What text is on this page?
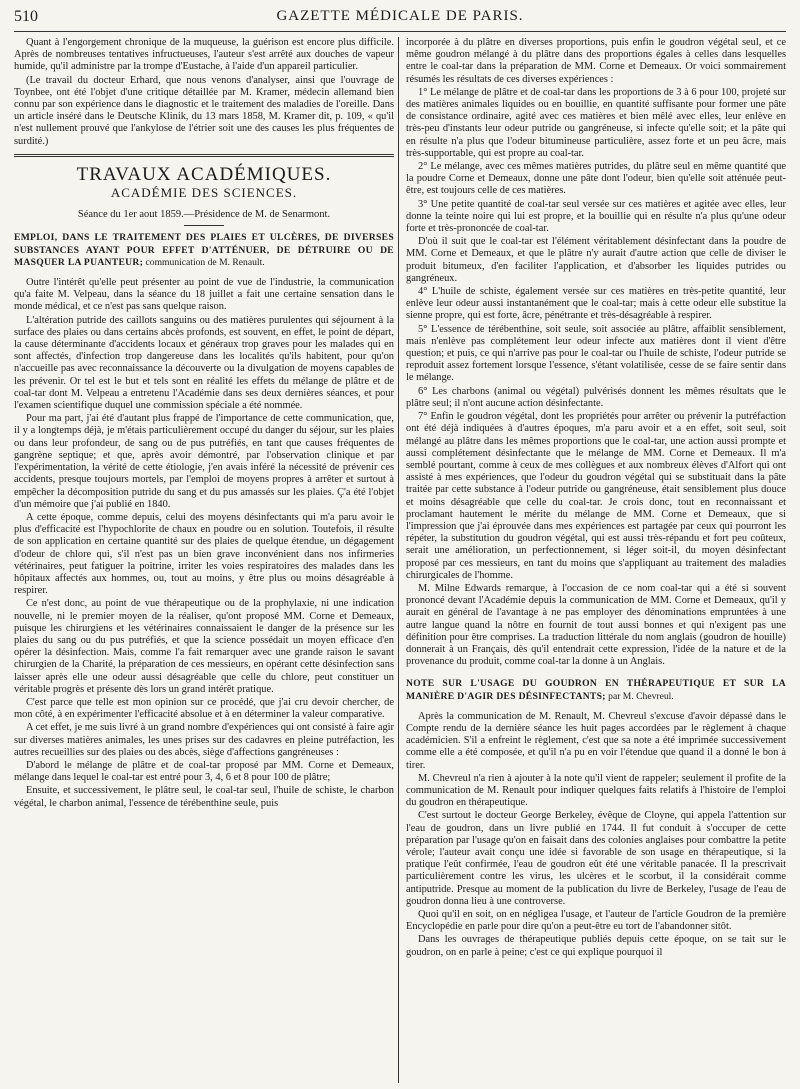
510	GAZETTE MÉDICALE DE PARIS.

Quant à l'engorgement chronique de la muqueuse, la guérison est encore plus difficile. Après de nombreuses tentatives infructueuses, l'auteur s'est arrêté aux douches de vapeur humide, qu'il administre par la trompe d'Eustache, à l'aide d'un appareil particulier.

(Le travail du docteur Erhard, que nous venons d'analyser, ainsi que l'ouvrage de Toynbee, ont été l'objet d'une critique détaillée par M. Kramer, médecin allemand bien connu par son expérience dans le diagnostic et le traitement des maladies de l'oreille. Dans un article inséré dans le Deutsche Klinik, du 13 mars 1858, M. Kramer dit, p. 109, « qu'il n'est nullement prouvé que l'ankylose de l'étrier soit une des causes les plus fréquentes de surdité.)

TRAVAUX ACADÉMIQUES.
ACADÉMIE DES SCIENCES.
Séance du 1er aout 1859.—Présidence de M. de Senarmont.
EMPLOI, DANS LE TRAITEMENT DES PLAIES ET ULCÈRES, DE DIVERSES SUBSTANCES AYANT POUR EFFET D'ATTÉNUER, DE DÉTRUIRE OU DE MASQUER LA PUANTEUR; communication de M. Renault.

Outre l'intérêt qu'elle peut présenter au point de vue de l'industrie, la communication qu'a faite M. Velpeau, dans la séance du 18 juillet a fait une certaine sensation dans le monde médical, et ce n'est pas sans quelque raison.

L'altération putride des caillots sanguins ou des matières purulentes qui séjournent à la surface des plaies ou dans certains abcès profonds, est souvent, en effet, le point de départ, la cause déterminante d'accidents locaux et généraux trop graves pour les malades qui en sont affectés, d'infection trop dangereuse dans les localités qu'ils habitent, pour qu'on n'accueille pas avec reconnaissance la découverte ou la divulgation de moyens capables de les prévenir. Or tel est le but et tels sont en réalité les effets du mélange de plâtre et de coal-tar dont M. Velpeau a entretenu l'Académie dans ses deux dernières séances, et pour l'examen scientifique duquel une commission spéciale a été nommée.

Pour ma part, j'ai été d'autant plus frappé de l'importance de cette communication, que, il y a longtemps déjà, je m'étais particulièrement occupé du danger du séjour, sur les plaies ou dans leur profondeur, de sang ou de pus putréfiés, en tant que causes fréquentes de gangrène septique; et que, après avoir démontré, par l'observation clinique et par l'expérimentation, la vérité de cette étiologie, j'en avais inféré la nécessité de prévenir ces accidents, presque toujours mortels, par l'emploi de moyens propres à arrêter et surtout à empêcher la décomposition putride du sang et du pus amassés sur les plaies. Ç'a été l'objet d'un mémoire que j'ai publié en 1840.

A cette époque, comme depuis, celui des moyens désinfectants qui m'a paru avoir le plus d'efficacité est l'hypochlorite de chaux en poudre ou en solution. Toutefois, il résulte de son application en certaine quantité sur des plaies de quelque étendue, un dégagement d'odeur de chlore qui, s'il n'est pas un bien grave inconvénient dans nos infirmeries vétérinaires, peut fatiguer la poitrine, irriter les voies respiratoires des malades dans les hôpitaux affectés aux hommes, ou, tout au moins, y être plus ou moins désagréable à respirer.

Ce n'est donc, au point de vue thérapeutique ou de la prophylaxie, ni une indication nouvelle, ni le premier moyen de la réaliser, qu'ont proposé MM. Corne et Demeaux, puisque les chirurgiens et les vétérinaires connaissaient le danger de la présence sur les plaies du sang ou du pus putréfiés, et que la science possédait un moyen efficace d'en opérer la désinfection. Mais, comme l'a fait remarquer avec une grande raison le savant chirurgien de la Charité, la préparation de ces messieurs, en opérant cette désinfection sans laisser après elle une odeur aussi désagréable que celle du chlore, peut constituer un véritable progrès et présente dès lors un grand intérêt pratique.

C'est parce que telle est mon opinion sur ce procédé, que j'ai cru devoir chercher, de mon côté, à en expérimenter l'efficacité absolue et à en déterminer la valeur comparative.

A cet effet, je me suis livré à un grand nombre d'expériences qui ont consisté à faire agir sur diverses matières animales, les unes prises sur des cadavres en pleine putréfaction, les autres recueillies sur des plaies ou des abcès, siège d'affections gangréneuses :

D'abord le mélange de plâtre et de coal-tar proposé par MM. Corne et Demeaux, mélange dans lequel le coal-tar est entré pour 3, 4, 6 et 8 pour 100 de plâtre;

Ensuite, et successivement, le plâtre seul, le coal-tar seul, l'huile de schiste, le charbon végétal, le charbon animal, l'essence de térébenthine seule, puis

incorporée à du plâtre en diverses proportions, puis enfin le goudron végétal seul, et ce même goudron mélangé à du plâtre dans des proportions égales à celles dans lesquelles entre le coal-tar dans la préparation de MM. Corne et Demeaux. Or voici sommairement résumés les résultats de ces diverses expériences :

1° Le mélange de plâtre et de coal-tar dans les proportions de 3 à 6 pour 100, projeté sur des matières animales liquides ou en bouillie, en quantité suffisante pour former une pâte de consistance ordinaire, agité avec ces matières et bien mêlé avec elles, leur enlève en très-peu d'instants leur odeur putride ou gangréneuse, si infecte qu'elle soit; et la pâte qui en résulte n'a plus que l'odeur bitumineuse particulière, assez forte et un peu âcre, mais très-supportable, qui est propre au coal-tar.

2° Le mélange, avec ces mêmes matières putrides, du plâtre seul en même quantité que la poudre Corne et Demeaux, donne une pâte dont l'odeur, bien qu'elle soit atténuée peut-être, est toujours celle de ces matières.

3° Une petite quantité de coal-tar seul versée sur ces matières et agitée avec elles, leur donne la teinte noire qui lui est propre, et la bouillie qui en résulte n'a plus qu'une odeur forte et très-prononcée de coal-tar.

D'où il suit que le coal-tar est l'élément véritablement désinfectant dans la poudre de MM. Corne et Demeaux, et que le plâtre n'y aurait d'autre action que celle de diviser le produit bitumeux, d'en faciliter l'application, et d'absorber les liquides putrides ou gangréneux.

4° L'huile de schiste, également versée sur ces matières en très-petite quantité, leur enlève leur odeur aussi instantanément que le coal-tar; mais à cette odeur elle substitue la sienne propre, qui est forte, âcre, pénétrante et très-désagréable à respirer.

5° L'essence de térébenthine, soit seule, soit associée au plâtre, affaiblit sensiblement, mais n'enlève pas complétement leur odeur infecte aux matières dont il vient d'être question; et puis, ce qui n'arrive pas pour le coal-tar ou l'huile de schiste, l'odeur putride se reproduit assez fortement lorsque l'essence, s'étant volatilisée, cesse de se faire sentir dans le mélange.

6° Les charbons (animal ou végétal) pulvérisés donnent les mêmes résultats que le plâtre seul; il n'ont aucune action désinfectante.

7° Enfin le goudron végétal, dont les propriétés pour arrêter ou prévenir la putréfaction ont été déjà indiquées à d'autres époques, m'a paru avoir et a en effet, soit seul, soit mélangé au plâtre dans les mêmes proportions que le coal-tar, une action aussi prompte et aussi complétement désinfectante que le mélange de MM. Corne et Demeaux. Il m'a semblé pourtant, comme à ceux de mes collègues et aux nombreux élèves d'Alfort qui ont assisté à mes expériences, que l'odeur du goudron végétal qui se substituait dans la pâte traitée par cette substance à l'odeur putride ou gangréneuse, était sensiblement plus douce et moins désagréable que celle du coal-tar. Je crois donc, tout en reconnaissant et proclamant hautement le mérite du mélange de MM. Corne et Demeaux, que si l'impression que j'ai éprouvée dans mes expériences est partagée par ceux qui pourront les répéter, la substitution du goudron végétal, qui est aussi très-répandu et fort peu coûteux, serait une amélioration, un perfectionnement, si léger soit-il, du moyen désinfectant proposé par ces messieurs, en tant du moins que s'appliquant au traitement des maladies chirurgicales de l'homme.

M. Milne Edwards remarque, à l'occasion de ce nom coal-tar qui a été si souvent prononcé devant l'Académie depuis la communication de MM. Corne et Demeaux, qu'il y aurait en général de l'avantage à ne pas employer des dénominations empruntées à une autre langue quand la nôtre en fournit de tout aussi bonnes et qui n'exigent pas une définition pour être comprises. La traduction littérale du nom anglais (goudron de houille) donnerait à un Français, dès qu'il entendrait cette expression, l'idée de la nature et de la provenance du produit, comme coal-tar la donne à un Anglais.

NOTE SUR L'USAGE DU GOUDRON EN THÉRAPEUTIQUE ET SUR LA MANIÈRE D'AGIR DES DÉSINFECTANTS; par M. Chevreul.

Après la communication de M. Renault, M. Chevreul s'excuse d'avoir dépassé dans le Compte rendu de la dernière séance les huit pages accordées par le règlement à chaque académicien. S'il a enfreint le règlement, c'est que sa note a été imprimée successivement comme elle a été composée, et qu'il n'a pu en voir l'étendue que quand il a donné le bon à tirer.

M. Chevreul n'a rien à ajouter à la note qu'il vient de rappeler; seulement il profite de la communication de M. Renault pour indiquer quelques faits relatifs à l'histoire de l'emploi du goudron en thérapeutique.

C'est surtout le docteur George Berkeley, évêque de Cloyne, qui appela l'attention sur l'eau de goudron, dans un livre publié en 1744. Il fut conduit à s'occuper de cette préparation par l'usage qu'on en faisait dans des colonies anglaises pour combattre la petite vérole; l'auteur avait conçu une idée si favorable de son usage en thérapeutique, si la pratique l'eût confirmée, l'eau de goudron eût été une véritable panacée. Il la prescrivait particulièrement contre les virus, les ulcères et le scorbut, il la considérait comme antiputride. Presque au moment de la publication du livre de Berkeley, l'usage de l'eau de goudron donna lieu à une controverse.

Quoi qu'il en soit, on en négligea l'usage, et l'auteur de l'article Goudron de la première Encyclopédie en parle pour dire qu'on a peut-être eu tort de l'abandonner sitôt.

Dans les ouvrages de thérapeutique publiés depuis cette époque, on se tait sur le goudron, on en parle à peine; c'est ce qui explique pourquoi il
